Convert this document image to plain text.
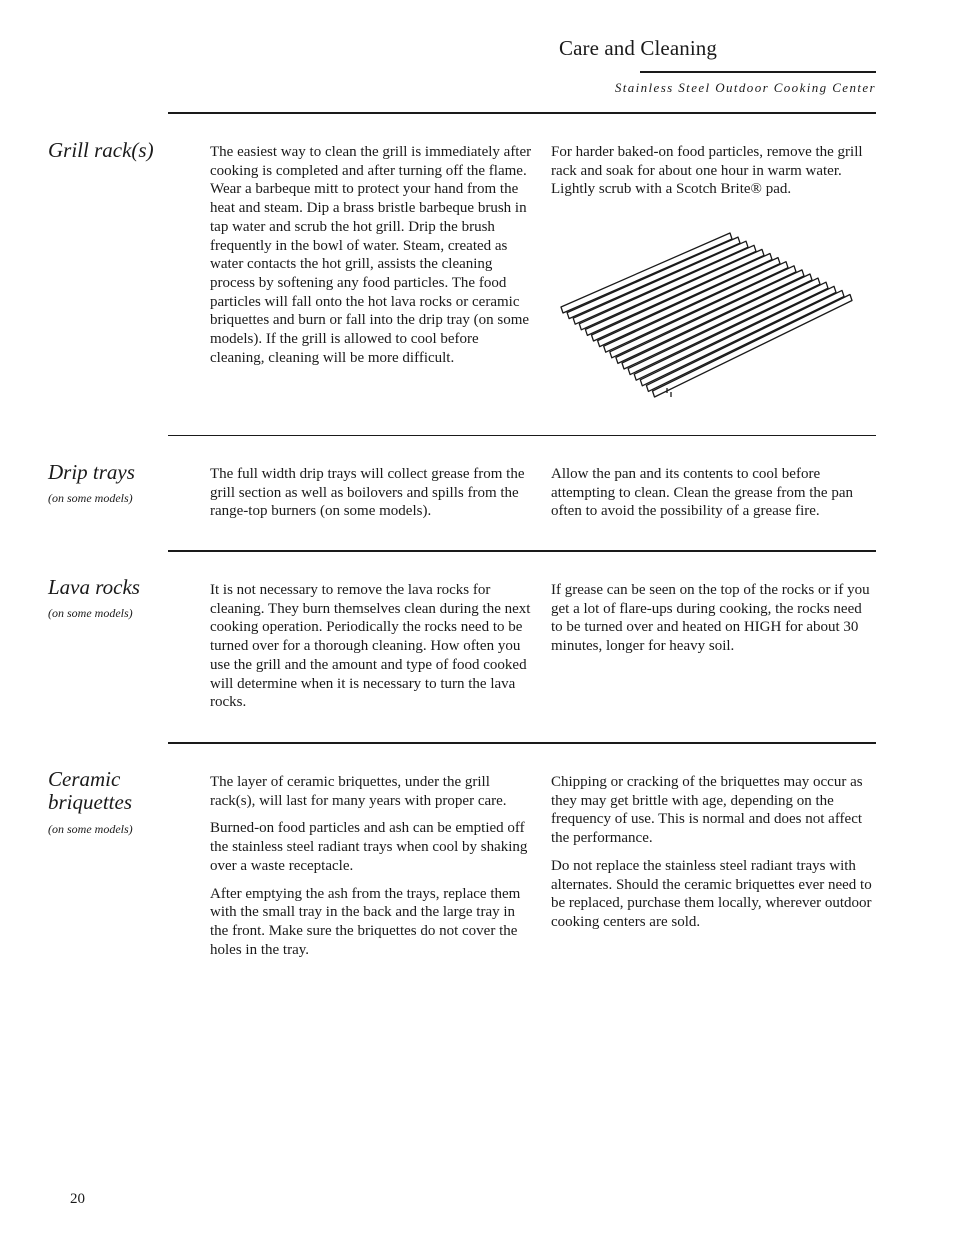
Care and Cleaning
Stainless Steel Outdoor Cooking Center
Grill rack(s)	The easiest way to clean the grill is immediately after cooking is completed and after turning off the flame. Wear a barbeque mitt to protect your hand from the heat and steam. Dip a brass bristle barbeque brush in tap water and scrub the hot grill. Drip the brush frequently in the bowl of water. Steam, created as water contacts the hot grill, assists the cleaning process by softening any food particles. The food particles will fall onto the hot lava rocks or ceramic briquettes and burn or fall into the drip tray (on some models). If the grill is allowed to cool before cleaning, cleaning will be more difficult.

For harder baked-on food particles, remove the grill rack and soak for about one hour in warm water. Lightly scrub with a Scotch Brite® pad.

Drip trays
(on some models)

The full width drip trays will collect grease from the grill section as well as boilovers and spills from the range-top burners (on some models).

Allow the pan and its contents to cool before attempting to clean. Clean the grease from the pan often to avoid the possibility of a grease fire.

Lava rocks
(on some models)

It is not necessary to remove the lava rocks for cleaning. They burn themselves clean during the next cooking operation. Periodically the rocks need to be turned over for a thorough cleaning. How often you use the grill and the amount and type of food cooked will determine when it is necessary to turn the lava rocks.

If grease can be seen on the top of the rocks or if you get a lot of flare-ups during cooking, the rocks need to be turned over and heated on HIGH for about 30 minutes, longer for heavy soil.

Ceramic briquettes
(on some models)

The layer of ceramic briquettes, under the grill rack(s), will last for many years with proper care.

Burned-on food particles and ash can be emptied off the stainless steel radiant trays when cool by shaking over a waste receptacle.

After emptying the ash from the trays, replace them with the small tray in the back and the large tray in the front. Make sure the briquettes do not cover the holes in the tray.

Chipping or cracking of the briquettes may occur as they may get brittle with age, depending on the frequency of use. This is normal and does not affect the performance.

Do not replace the stainless steel radiant trays with alternates. Should the ceramic briquettes ever need to be replaced, purchase them locally, wherever outdoor cooking centers are sold.

20
